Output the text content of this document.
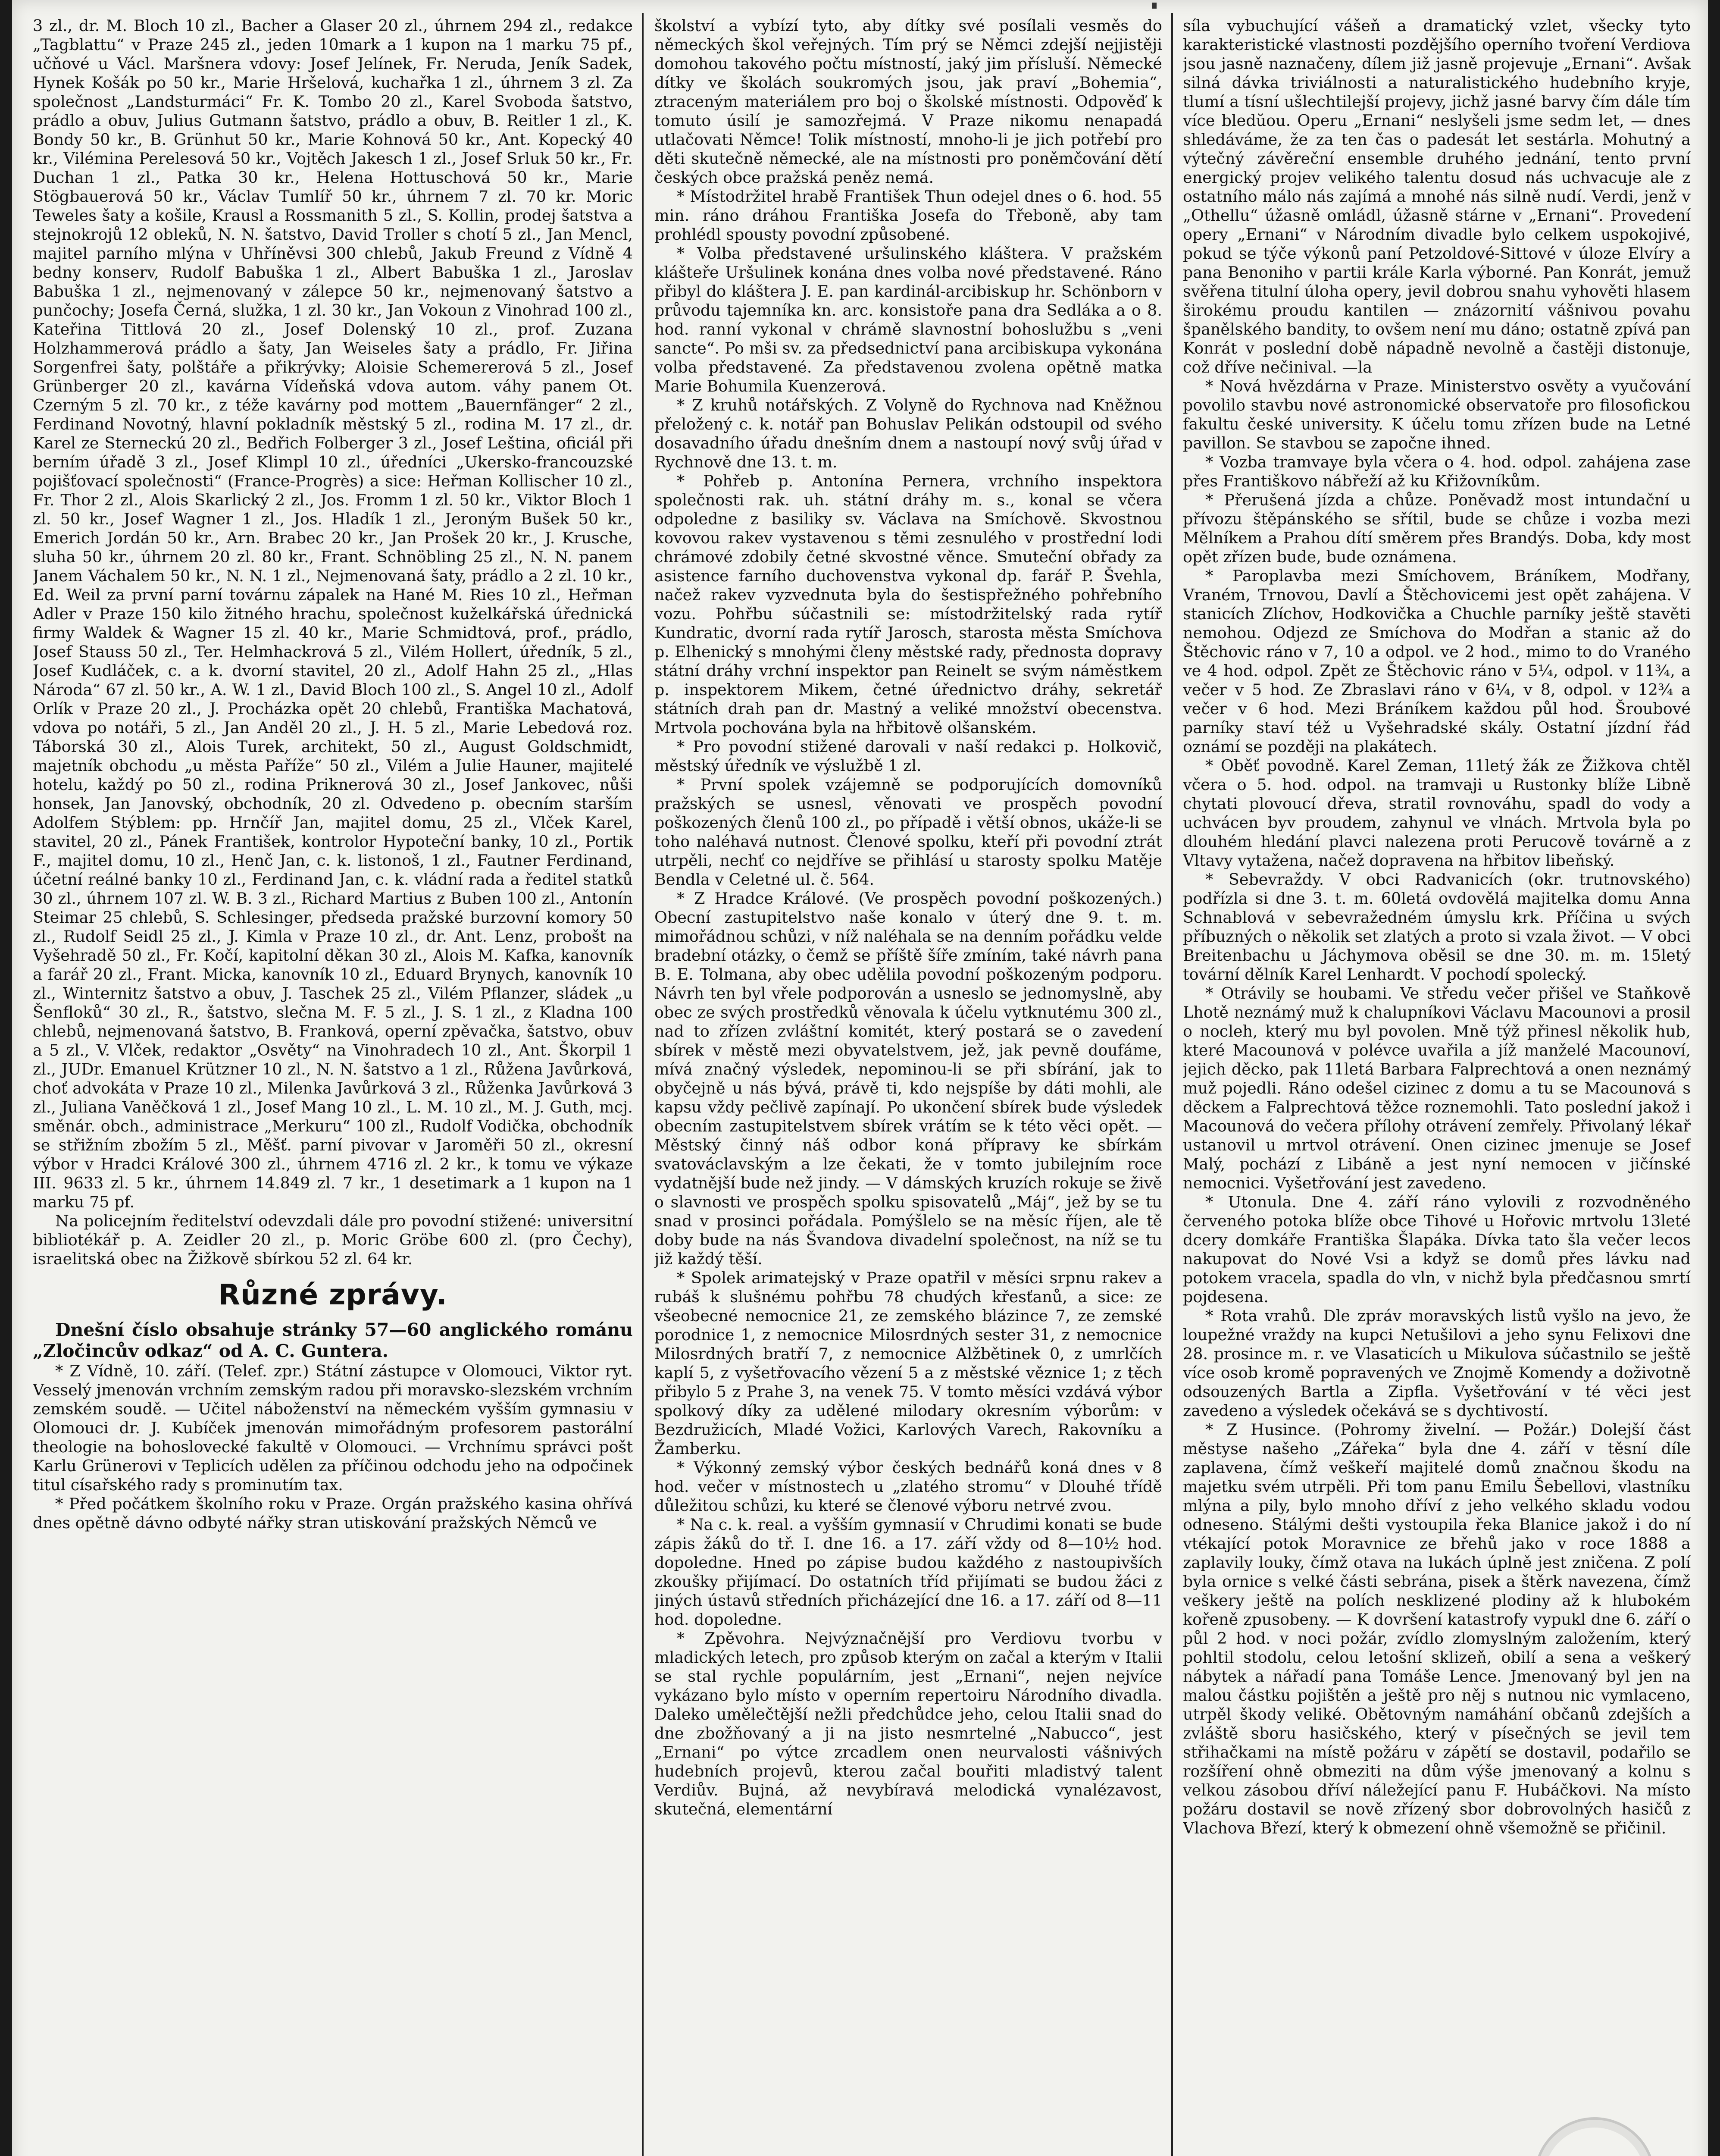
3 zl., dr. M. Bloch 10 zl., Bacher a Glaser 20 zl., úhrnem 294 zl., redakce „Tagblattu“ v Praze 245 zl., jeden 10mark a 1 kupon na 1 marku 75 pf., učňové u Václ. Maršnera vdovy: Josef Jelínek, Fr. Neruda, Jeník Sadek, Hynek Košák po 50 kr., Marie Hršelová, kuchařka 1 zl., úhrnem 3 zl. Za společnost „Landsturmáci“ Fr. K. Tombo 20 zl., Karel Svoboda šatstvo, prádlo a obuv, Julius Gutmann šatstvo, prádlo a obuv, B. Reitler 1 zl., K. Bondy 50 kr., B. Grünhut 50 kr., Marie Kohnová 50 kr., Ant. Kopecký 40 kr., Vilémina Perelesová 50 kr., Vojtěch Jakesch 1 zl., Josef Srluk 50 kr., Fr. Duchan 1 zl., Patka 30 kr., Helena Hottuschová 50 kr., Marie Stögbauerová 50 kr., Václav Tumlíř 50 kr., úhrnem 7 zl. 70 kr. Moric Teweles šaty a košile, Krausl a Rossmanith 5 zl., S. Kollin, prodej šatstva a stejnokrojů 12 obleků, N. N. šatstvo, David Troller s chotí 5 zl., Jan Mencl, majitel parního mlýna v Uhříněvsi 300 chlebů, Jakub Freund z Vídně 4 bedny konserv, Rudolf Babuška 1 zl., Albert Babuška 1 zl., Jaroslav Babuška 1 zl., nejmenovaný v zálepce 50 kr., nejmenovaný šatstvo a punčochy; Josefa Černá, služka, 1 zl. 30 kr., Jan Vokoun z Vinohrad 100 zl., Kateřina Tittlová 20 zl., Josef Dolenský 10 zl., prof. Zuzana Holzhammerová prádlo a šaty, Jan Weiseles šaty a prádlo, Fr. Jiřina Sorgenfrei šaty, polštáře a přikrývky; Aloisie Schemererová 5 zl., Josef Grünberger 20 zl., kavárna Vídeňská vdova autom. váhy panem Ot. Czerným 5 zl. 70 kr., z téže kavárny pod mottem „Bauernfänger“ 2 zl., Ferdinand Novotný, hlavní pokladník městský 5 zl., rodina M. 17 zl., dr. Karel ze Sterneckú 20 zl., Bedřich Folberger 3 zl., Josef Leština, oficiál při berním úřadě 3 zl., Josef Klimpl 10 zl., úředníci „Ukersko-francouzské pojišťovací společnosti“ (France-Progrès) a sice: Heřman Kollischer 10 zl., Fr. Thor 2 zl., Alois Skarlický 2 zl., Jos. Fromm 1 zl. 50 kr., Viktor Bloch 1 zl. 50 kr., Josef Wagner 1 zl., Jos. Hladík 1 zl., Jeroným Bušek 50 kr., Emerich Jordán 50 kr., Arn. Brabec 20 kr., Jan Prošek 20 kr., J. Krusche, sluha 50 kr., úhrnem 20 zl. 80 kr., Frant. Schnöbling 25 zl., N. N. panem Janem Váchalem 50 kr., N. N. 1 zl., Nejmenovaná šaty, prádlo a 2 zl. 10 kr., Ed. Weil za první parní továrnu zápalek na Hané M. Ries 10 zl., Heřman Adler v Praze 150 kilo žitného hrachu, společnost kuželkářská úřednická firmy Waldek & Wagner 15 zl. 40 kr., Marie Schmidtová, prof., prádlo, Josef Stauss 50 zl., Ter. Helmhackrová 5 zl., Vilém Hollert, úředník, 5 zl., Josef Kudláček, c. a k. dvorní stavitel, 20 zl., Adolf Hahn 25 zl., „Hlas Národa“ 67 zl. 50 kr., A. W. 1 zl., David Bloch 100 zl., S. Angel 10 zl., Adolf Orlík v Praze 20 zl., J. Procházka opět 20 chlebů, Františka Machatová, vdova po notáři, 5 zl., Jan Anděl 20 zl., J. H. 5 zl., Marie Lebedová roz. Táborská 30 zl., Alois Turek, architekt, 50 zl., August Goldschmidt, majetník obchodu „u města Paříže“ 50 zl., Vilém a Julie Hauner, majitelé hotelu, každý po 50 zl., rodina Priknerová 30 zl., Josef Jankovec, nůši honsek, Jan Janovský, obchodník, 20 zl. Odvedeno p. obecním starším Adolfem Stýblem: pp. Hrnčíř Jan, majitel domu, 25 zl., Vlček Karel, stavitel, 20 zl., Pánek František, kontrolor Hypoteční banky, 10 zl., Portik F., majitel domu, 10 zl., Henč Jan, c. k. listonoš, 1 zl., Fautner Ferdinand, účetní reálné banky 10 zl., Ferdinand Jan, c. k. vládní rada a ředitel statků 30 zl., úhrnem 107 zl. W. B. 3 zl., Richard Martius z Buben 100 zl., Antonín Steimar 25 chlebů, S. Schlesinger, předseda pražské burzovní komory 50 zl., Rudolf Seidl 25 zl., J. Kimla v Praze 10 zl., dr. Ant. Lenz, probošt na Vyšehradě 50 zl., Fr. Kočí, kapitolní děkan 30 zl., Alois M. Kafka, kanovník a farář 20 zl., Frant. Micka, kanovník 10 zl., Eduard Brynych, kanovník 10 zl., Winternitz šatstvo a obuv, J. Taschek 25 zl., Vilém Pflanzer, sládek „u Šenfloků“ 30 zl., R., šatstvo, slečna M. F. 5 zl., J. S. 1 zl., z Kladna 100 chlebů, nejmenovaná šatstvo, B. Franková, operní zpěvačka, šatstvo, obuv a 5 zl., V. Vlček, redaktor „Osvěty“ na Vinohradech 10 zl., Ant. Škorpil 1 zl., JUDr. Emanuel Krützner 10 zl., N. N. šatstvo a 1 zl., Růžena Javůrková, choť advokáta v Praze 10 zl., Milenka Javůrková 3 zl., Růženka Javůrková 3 zl., Juliana Vaněčková 1 zl., Josef Mang 10 zl., L. M. 10 zl., M. J. Guth, mcj. směnár. obch., administrace „Merkuru“ 100 zl., Rudolf Vodička, obchodník se střižním zbožím 5 zl., Měšť. parní pivovar v Jaroměři 50 zl., okresní výbor v Hradci Králové 300 zl., úhrnem 4716 zl. 2 kr., k tomu ve výkaze III. 9633 zl. 5 kr., úhrnem 14.849 zl. 7 kr., 1 desetimark a 1 kupon na 1 marku 75 pf.

Na policejním ředitelství odevzdali dále pro povodní stižené: universitní bibliotékář p. A. Zeidler 20 zl., p. Moric Gröbe 600 zl. (pro Čechy), israelitská obec na Žižkově sbírkou 52 zl. 64 kr.

Různé zprávy.

Dnešní číslo obsahuje stránky 57—60 anglického románu „Zločincův odkaz“ od A. C. Guntera.

* Z Vídně, 10. září. (Telef. zpr.) Státní zástupce v Olomouci, Viktor ryt. Vesselý jmenován vrchním zemským radou při moravsko-slezském vrchním zemském soudě. — Učitel náboženství na německém vyšším gymnasiu v Olomouci dr. J. Kubíček jmenován mimořádným profesorem pastorální theologie na bohoslovecké fakultě v Olomouci. — Vrchnímu správci pošt Karlu Grünerovi v Teplicích udělen za příčinou odchodu jeho na odpočinek titul císařského rady s prominutím tax.

* Před počátkem školního roku v Praze. Orgán pražského kasina ohřívá dnes opětně dávno odbyté nářky stran utiskování pražských Němců ve

školství a vybízí tyto, aby dítky své posílali vesměs do německých škol veřejných. Tím prý se Němci zdejší nejjistěji domohou takového počtu místností, jaký jim přísluší. Německé dítky ve školách soukromých jsou, jak praví „Bohemia“, ztraceným materiálem pro boj o školské místnosti. Odpověď k tomuto úsilí je samozřejmá. V Praze nikomu nenapadá utlačovati Němce! Tolik místností, mnoho-li je jich potřebí pro děti skutečně německé, ale na místnosti pro poněmčování dětí českých obce pražská peněz nemá.

* Místodržitel hrabě František Thun odejel dnes o 6. hod. 55 min. ráno dráhou Františka Josefa do Třeboně, aby tam prohlédl spousty povodní způsobené.

* Volba představené uršulinského kláštera. V pražském klášteře Uršulinek konána dnes volba nové představené. Ráno přibyl do kláštera J. E. pan kardinál-arcibiskup hr. Schönborn v průvodu tajemníka kn. arc. konsistoře pana dra Sedláka a o 8. hod. ranní vykonal v chrámě slavnostní bohoslužbu s „veni sancte“. Po mši sv. za předsednictví pana arcibiskupa vykonána volba představené. Za představenou zvolena opětně matka Marie Bohumila Kuenzerová.

* Z kruhů notářských. Z Volyně do Rychnova nad Kněžnou přeložený c. k. notář pan Bohuslav Pelikán odstoupil od svého dosavadního úřadu dnešním dnem a nastoupí nový svůj úřad v Rychnově dne 13. t. m.

* Pohřeb p. Antonína Pernera, vrchního inspektora společnosti rak. uh. státní dráhy m. s., konal se včera odpoledne z basiliky sv. Václava na Smíchově. Skvostnou kovovou rakev vystavenou s těmi zesnulého v prostřední lodi chrámové zdobily četné skvostné věnce. Smuteční obřady za asistence farního duchovenstva vykonal dp. farář P. Švehla, načež rakev vyzvednuta byla do šestispřežného pohřebního vozu. Pohřbu súčastnili se: místodržitelský rada rytíř Kundratic, dvorní rada rytíř Jarosch, starosta města Smíchova p. Elhenický s mnohými členy městské rady, přednosta dopravy státní dráhy vrchní inspektor pan Reinelt se svým náměstkem p. inspektorem Mikem, četné úřednictvo dráhy, sekretář státních drah pan dr. Mastný a veliké množství obecenstva. Mrtvola pochována byla na hřbitově olšanském.

* Pro povodní stižené darovali v naší redakci p. Holkovič, městský úředník ve výslužbě 1 zl.

* První spolek vzájemně se podporujících domovníků pražských se usnesl, věnovati ve prospěch povodní poškozených členů 100 zl., po případě i větší obnos, ukáže-li se toho naléhavá nutnost. Členové spolku, kteří při povodní ztrát utrpěli, nechť co nejdříve se přihlásí u starosty spolku Matěje Bendla v Celetné ul. č. 564.

* Z Hradce Králové. (Ve prospěch povodní poškozených.) Obecní zastupitelstvo naše konalo v úterý dne 9. t. m. mimořádnou schůzi, v níž naléhala se na denním pořádku velde bradební otázky, o čemž se příště šíře zmíním, také návrh pana B. E. Tolmana, aby obec udělila povodní poškozeným podporu. Návrh ten byl vřele podporován a usneslo se jednomyslně, aby obec ze svých prostředků věnovala k účelu vytknutému 300 zl., nad to zřízen zvláštní komitét, který postará se o zavedení sbírek v městě mezi obyvatelstvem, jež, jak pevně doufáme, mívá značný výsledek, nepominou-li se při sbírání, jak to obyčejně u nás bývá, právě ti, kdo nejspíše by dáti mohli, ale kapsu vždy pečlivě zapínají. Po ukončení sbírek bude výsledek obecním zastupitelstvem sbírek vrátím se k této věci opět. — Městský činný náš odbor koná přípravy ke sbírkám svatováclavským a lze čekati, že v tomto jubilejním roce vydatnější bude než jindy. — V dámských kruzích rokuje se živě o slavnosti ve prospěch spolku spisovatelů „Máj“, jež by se tu snad v prosinci pořádala. Pomýšlelo se na měsíc říjen, ale tě doby bude na nás Švandova divadelní společnost, na níž se tu již každý těší.

* Spolek arimatejský v Praze opatřil v měsíci srpnu rakev a rubáš k slušnému pohřbu 78 chudých křesťanů, a sice: ze všeobecné nemocnice 21, ze zemského blázince 7, ze zemské porodnice 1, z nemocnice Milosrdných sester 31, z nemocnice Milosrdných bratří 7, z nemocnice Alžbětinek 0, z umrlčích kaplí 5, z vyšetřovacího vězení 5 a z městské věznice 1; z těch přibylo 5 z Prahe 3, na venek 75. V tomto měsíci vzdává výbor spolkový díky za udělené milodary okresním výborům: v Bezdružicích, Mladé Vožici, Karlových Varech, Rakovníku a Žamberku.

* Výkonný zemský výbor českých bednářů koná dnes v 8 hod. večer v místnostech u „zlatého stromu“ v Dlouhé třídě důležitou schůzi, ku které se členové výboru netrvé zvou.

* Na c. k. real. a vyšším gymnasií v Chrudimi konati se bude zápis žáků do tř. I. dne 16. a 17. září vždy od 8—10½ hod. dopoledne. Hned po zápise budou každého z nastoupivších zkoušky přijímací. Do ostatních tříd přijímati se budou žáci z jiných ústavů středních přicházející dne 16. a 17. září od 8—11 hod. dopoledne.

* Zpěvohra. Nejvýznačnější pro Verdiovu tvorbu v mladických letech, pro způsob kterým on začal a kterým v Italii se stal rychle populárním, jest „Ernani“, nejen nejvíce vykázano bylo místo v operním repertoiru Národního divadla. Daleko umělečtější nežli předchůdce jeho, celou Italii snad do dne zbožňovaný a ji na jisto nesmrtelné „Nabucco“, jest „Ernani“ po výtce zrcadlem onen neurvalosti vášnivých hudebních projevů, kterou začal bouřiti mladistvý talent Verdiův. Bujná, až nevybíravá melodická vynalézavost, skutečná, elementární

síla vybuchující vášeň a dramatický vzlet, všecky tyto karakteristické vlastnosti pozdějšího operního tvoření Verdiova jsou jasně naznačeny, dílem již jasně projevuje „Ernani“. Avšak silná dávka triviálnosti a naturalistického hudebního kryje, tlumí a tísní ušlechtilejší projevy, jichž jasné barvy čím dále tím více bledŭou. Operu „Ernani“ neslyšeli jsme sedm let, — dnes shledáváme, že za ten čas o padesát let sestárla. Mohutný a výtečný závěreční ensemble druhého jednání, tento první energický projev velikého talentu dosud nás uchvacuje ale z ostatního málo nás zajímá a mnohé nás silně nudí. Verdi, jenž v „Othellu“ úžasně omládl, úžasně stárne v „Ernani“. Provedení opery „Ernani“ v Národním divadle bylo celkem uspokojivé, pokud se týče výkonů paní Petzoldové-Sittové v úloze Elvíry a pana Benoniho v partii krále Karla výborné. Pan Konrát, jemuž svěřena titulní úloha opery, jevil dobrou snahu vyhověti hlasem širokému proudu kantilen — znázornití vášnivou povahu španělského bandity, to ovšem není mu dáno; ostatně zpívá pan Konrát v poslední době nápadně nevolně a častěji distonuje, což dříve nečinival. —la

* Nová hvězdárna v Praze. Ministerstvo osvěty a vyučování povolilo stavbu nové astronomické observatoře pro filosofickou fakultu české university. K účelu tomu zřízen bude na Letné pavillon. Se stavbou se započne ihned.

* Vozba tramvaye byla včera o 4. hod. odpol. zahájena zase přes Františkovo nábřeží až ku Křižovníkům.

* Přerušená jízda a chůze. Poněvadž most intundační u přívozu štěpánského se sřítil, bude se chůze i vozba mezi Mělníkem a Prahou dítí směrem přes Brandýs. Doba, kdy most opět zřízen bude, bude oznámena.

* Paroplavba mezi Smíchovem, Bráníkem, Modřany, Vraném, Trnovou, Davlí a Štěchovicemi jest opět zahájena. V stanicích Zlíchov, Hodkovička a Chuchle parníky ještě stavěti nemohou. Odjezd ze Smíchova do Modřan a stanic až do Štěchovic ráno v 7, 10 a odpol. ve 2 hod., mimo to do Vraného ve 4 hod. odpol. Zpět ze Štěchovic ráno v 5¼, odpol. v 11¾, a večer v 5 hod. Ze Zbraslavi ráno v 6¼, v 8, odpol. v 12¾ a večer v 6 hod. Mezi Bráníkem každou půl hod. Šroubové parníky staví též u Vyšehradské skály. Ostatní jízdní řád oznámí se později na plakátech.

* Oběť povodně. Karel Zeman, 11letý žák ze Žižkova chtěl včera o 5. hod. odpol. na tramvaji u Rustonky blíže Libně chytati plovoucí dřeva, stratil rovnováhu, spadl do vody a uchvácen byv proudem, zahynul ve vlnách. Mrtvola byla po dlouhém hledání plavci nalezena proti Perucově továrně a z Vltavy vytažena, načež dopravena na hřbitov libeňský.

* Sebevraždy. V obci Radvanicích (okr. trutnovského) podřízla si dne 3. t. m. 60letá ovdovělá majitelka domu Anna Schnablová v sebevražedném úmyslu krk. Příčina u svých příbuzných o několik set zlatých a proto si vzala život. — V obci Breitenbachu u Jáchymova oběsil se dne 30. m. m. 15letý tovární dělník Karel Lenhardt. V pochodí spolecký.

* Otrávily se houbami. Ve středu večer přišel ve Staňkově Lhotě neznámý muž k chalupníkovi Václavu Macounovi a prosil o nocleh, který mu byl povolen. Mně týž přinesl několik hub, které Macounová v polévce uvařila a jíž manželé Macounoví, jejich děcko, pak 11letá Barbara Falprechtová a onen neznámý muž pojedli. Ráno odešel cizinec z domu a tu se Macounová s děckem a Falprechtová těžce roznemohli. Tato poslední jakož i Macounová do večera přílohy otrávení zemřely. Přivolaný lékař ustanovil u mrtvol otrávení. Onen cizinec jmenuje se Josef Malý, pochází z Libáně a jest nyní nemocen v jičínské nemocnici. Vyšetřování jest zavedeno.

* Utonula. Dne 4. září ráno vylovili z rozvodněného červeného potoka blíže obce Tihové u Hořovic mrtvolu 13leté dcery domkáře Františka Šlapáka. Dívka tato šla večer lecos nakupovat do Nové Vsi a když se domů přes lávku nad potokem vracela, spadla do vln, v nichž byla předčasnou smrtí pojdesena.

* Rota vrahů. Dle zpráv moravských listů vyšlo na jevo, že loupežné vraždy na kupci Netušilovi a jeho synu Felixovi dne 28. prosince m. r. ve Vlasaticích u Mikulova súčastnilo se ještě více osob kromě popravených ve Znojmě Komendy a doživotně odsouzených Bartla a Zipfla. Vyšetřování v té věci jest zavedeno a výsledek očekává se s dychtivostí.

* Z Husince. (Pohromy živelní. — Požár.) Dolejší část městyse našeho „Zářeka“ byla dne 4. září v těsní díle zaplavena, čímž veškeří majitelé domů značnou škodu na majetku svém utrpěli. Při tom panu Emilu Šebellovi, vlastníku mlýna a pily, bylo mnoho dříví z jeho velkého skladu vodou odneseno. Stálými dešti vystoupila řeka Blanice jakož i do ní vtékající potok Moravnice ze břehů jako v roce 1888 a zaplavily louky, čímž otava na lukách úplně jest zničena. Z polí byla ornice s velké části sebrána, pisek a štěrk navezena, čímž veškery ještě na polích nesklizené plodiny až k hlubokém kořeně zpusobeny. — K dovršení katastrofy vypukl dne 6. září o půl 2 hod. v noci požár, zvídlo zlomyslným založením, který pohltil stodolu, celou letošní sklizeň, obilí a sena a veškerý nábytek a nářadí pana Tomáše Lence. Jmenovaný byl jen na malou částku pojištěn a ještě pro něj s nutnou nic vymlaceno, utrpěl škody veliké. Obětovným namáhání občanů zdejších a zvláště sboru hasičského, který v písečných se jevil tem střihačkami na místě požáru v zápětí se dostavil, podařilo se rozšíření ohně obmeziti na dům výše jmenovaný a kolnu s velkou zásobou dříví náležející panu F. Hubáčkovi. Na místo požáru dostavil se nově zřízený sbor dobrovolných hasičů z Vlachova Březí, který k obmezení ohně všemožně se přičinil.
